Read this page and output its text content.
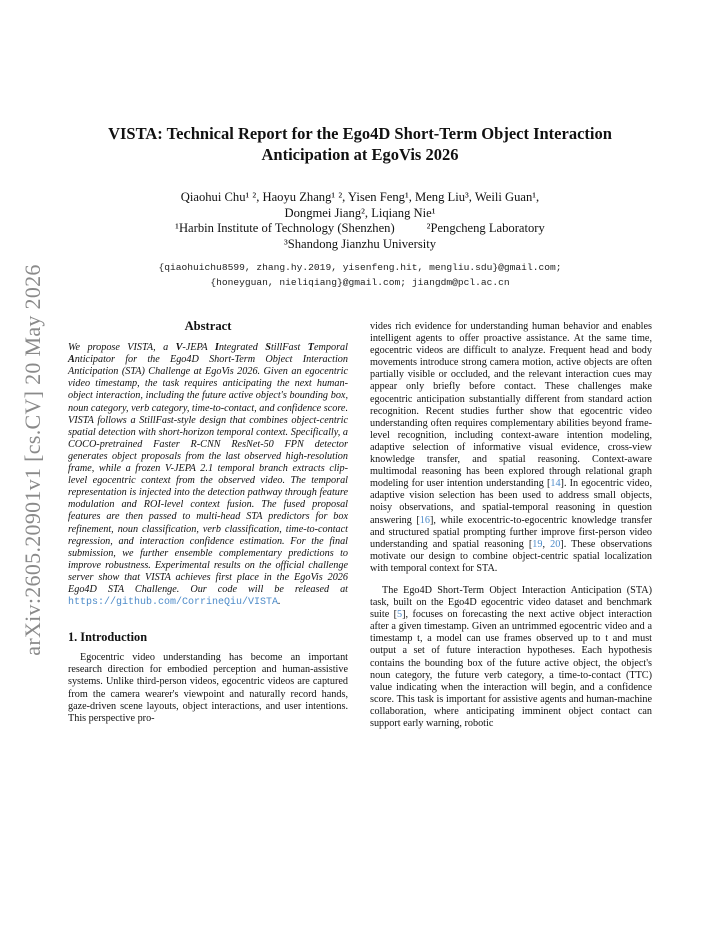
arXiv:2605.20901v1 [cs.CV] 20 May 2026
VISTA: Technical Report for the Ego4D Short-Term Object Interaction
Anticipation at EgoVis 2026
Qiaohui Chu¹ ², Haoyu Zhang¹ ², Yisen Feng¹, Meng Liu³, Weili Guan¹,
Dongmei Jiang², Liqiang Nie¹
¹Harbin Institute of Technology (Shenzhen)	²Pengcheng Laboratory
³Shandong Jianzhu University
{qiaohuichu8599, zhang.hy.2019, yisenfeng.hit, mengliu.sdu}@gmail.com;
{honeyguan, nieliqiang}@gmail.com; jiangdm@pcl.ac.cn
Abstract

We propose VISTA, a V-JEPA Integrated StillFast Temporal Anticipator for the Ego4D Short-Term Object Interaction Anticipation (STA) Challenge at EgoVis 2026. Given an egocentric video timestamp, the task requires anticipating the next human-object interaction, including the future active object's bounding box, noun category, verb category, time-to-contact, and confidence score. VISTA follows a StillFast-style design that combines object-centric spatial detection with short-horizon temporal context. Specifically, a COCO-pretrained Faster R-CNN ResNet-50 FPN detector generates object proposals from the last observed high-resolution frame, while a frozen V-JEPA 2.1 temporal branch extracts clip-level egocentric context from the observed video. The temporal representation is injected into the detection pathway through feature modulation and ROI-level context fusion. The fused proposal features are then passed to multi-head STA predictors for box refinement, noun classification, verb classification, time-to-contact regression, and interaction confidence estimation. For the final submission, we further ensemble complementary predictions to improve robustness. Experimental results on the official challenge server show that VISTA achieves first place in the EgoVis 2026 Ego4D STA Challenge. Our code will be released at https://github.com/CorrineQiu/VISTA.

1. Introduction

Egocentric video understanding has become an important research direction for embodied perception and human-assistive systems. Unlike third-person videos, egocentric videos are captured from the camera wearer's viewpoint and naturally record hands, gaze-driven scene layouts, object interactions, and user intentions. This perspective pro-

vides rich evidence for understanding human behavior and enables intelligent agents to offer proactive assistance. At the same time, egocentric videos are difficult to analyze. Frequent head and body movements introduce strong camera motion, active objects are often partially visible or occluded, and the relevant interaction cues may appear only briefly before contact. These challenges make egocentric anticipation substantially different from standard action recognition. Recent studies further show that egocentric video understanding often requires complementary abilities beyond frame-level recognition, including context-aware intention modeling, adaptive selection of informative visual evidence, cross-view knowledge transfer, and spatial reasoning. Context-aware multimodal reasoning has been explored through relational graph modeling for user intention understanding [14]. In egocentric video, adaptive vision selection has been used to address small objects, noisy observations, and spatial-temporal reasoning in question answering [16], while exocentric-to-egocentric knowledge transfer and structured spatial prompting further improve first-person video understanding and spatial reasoning [19, 20]. These observations motivate our design to combine object-centric spatial localization with temporal context for STA.

The Ego4D Short-Term Object Interaction Anticipation (STA) task, built on the Ego4D egocentric video dataset and benchmark suite [5], focuses on forecasting the next active object interaction after a given timestamp. Given an untrimmed egocentric video and a timestamp t, a model can use frames observed up to t and must output a set of future interaction hypotheses. Each hypothesis contains the bounding box of the future active object, the object's noun category, the future verb category, a time-to-contact (TTC) value indicating when the interaction will begin, and a confidence score. This task is important for assistive agents and human-machine collaboration, where anticipating imminent object contact can support early warning, robotic
